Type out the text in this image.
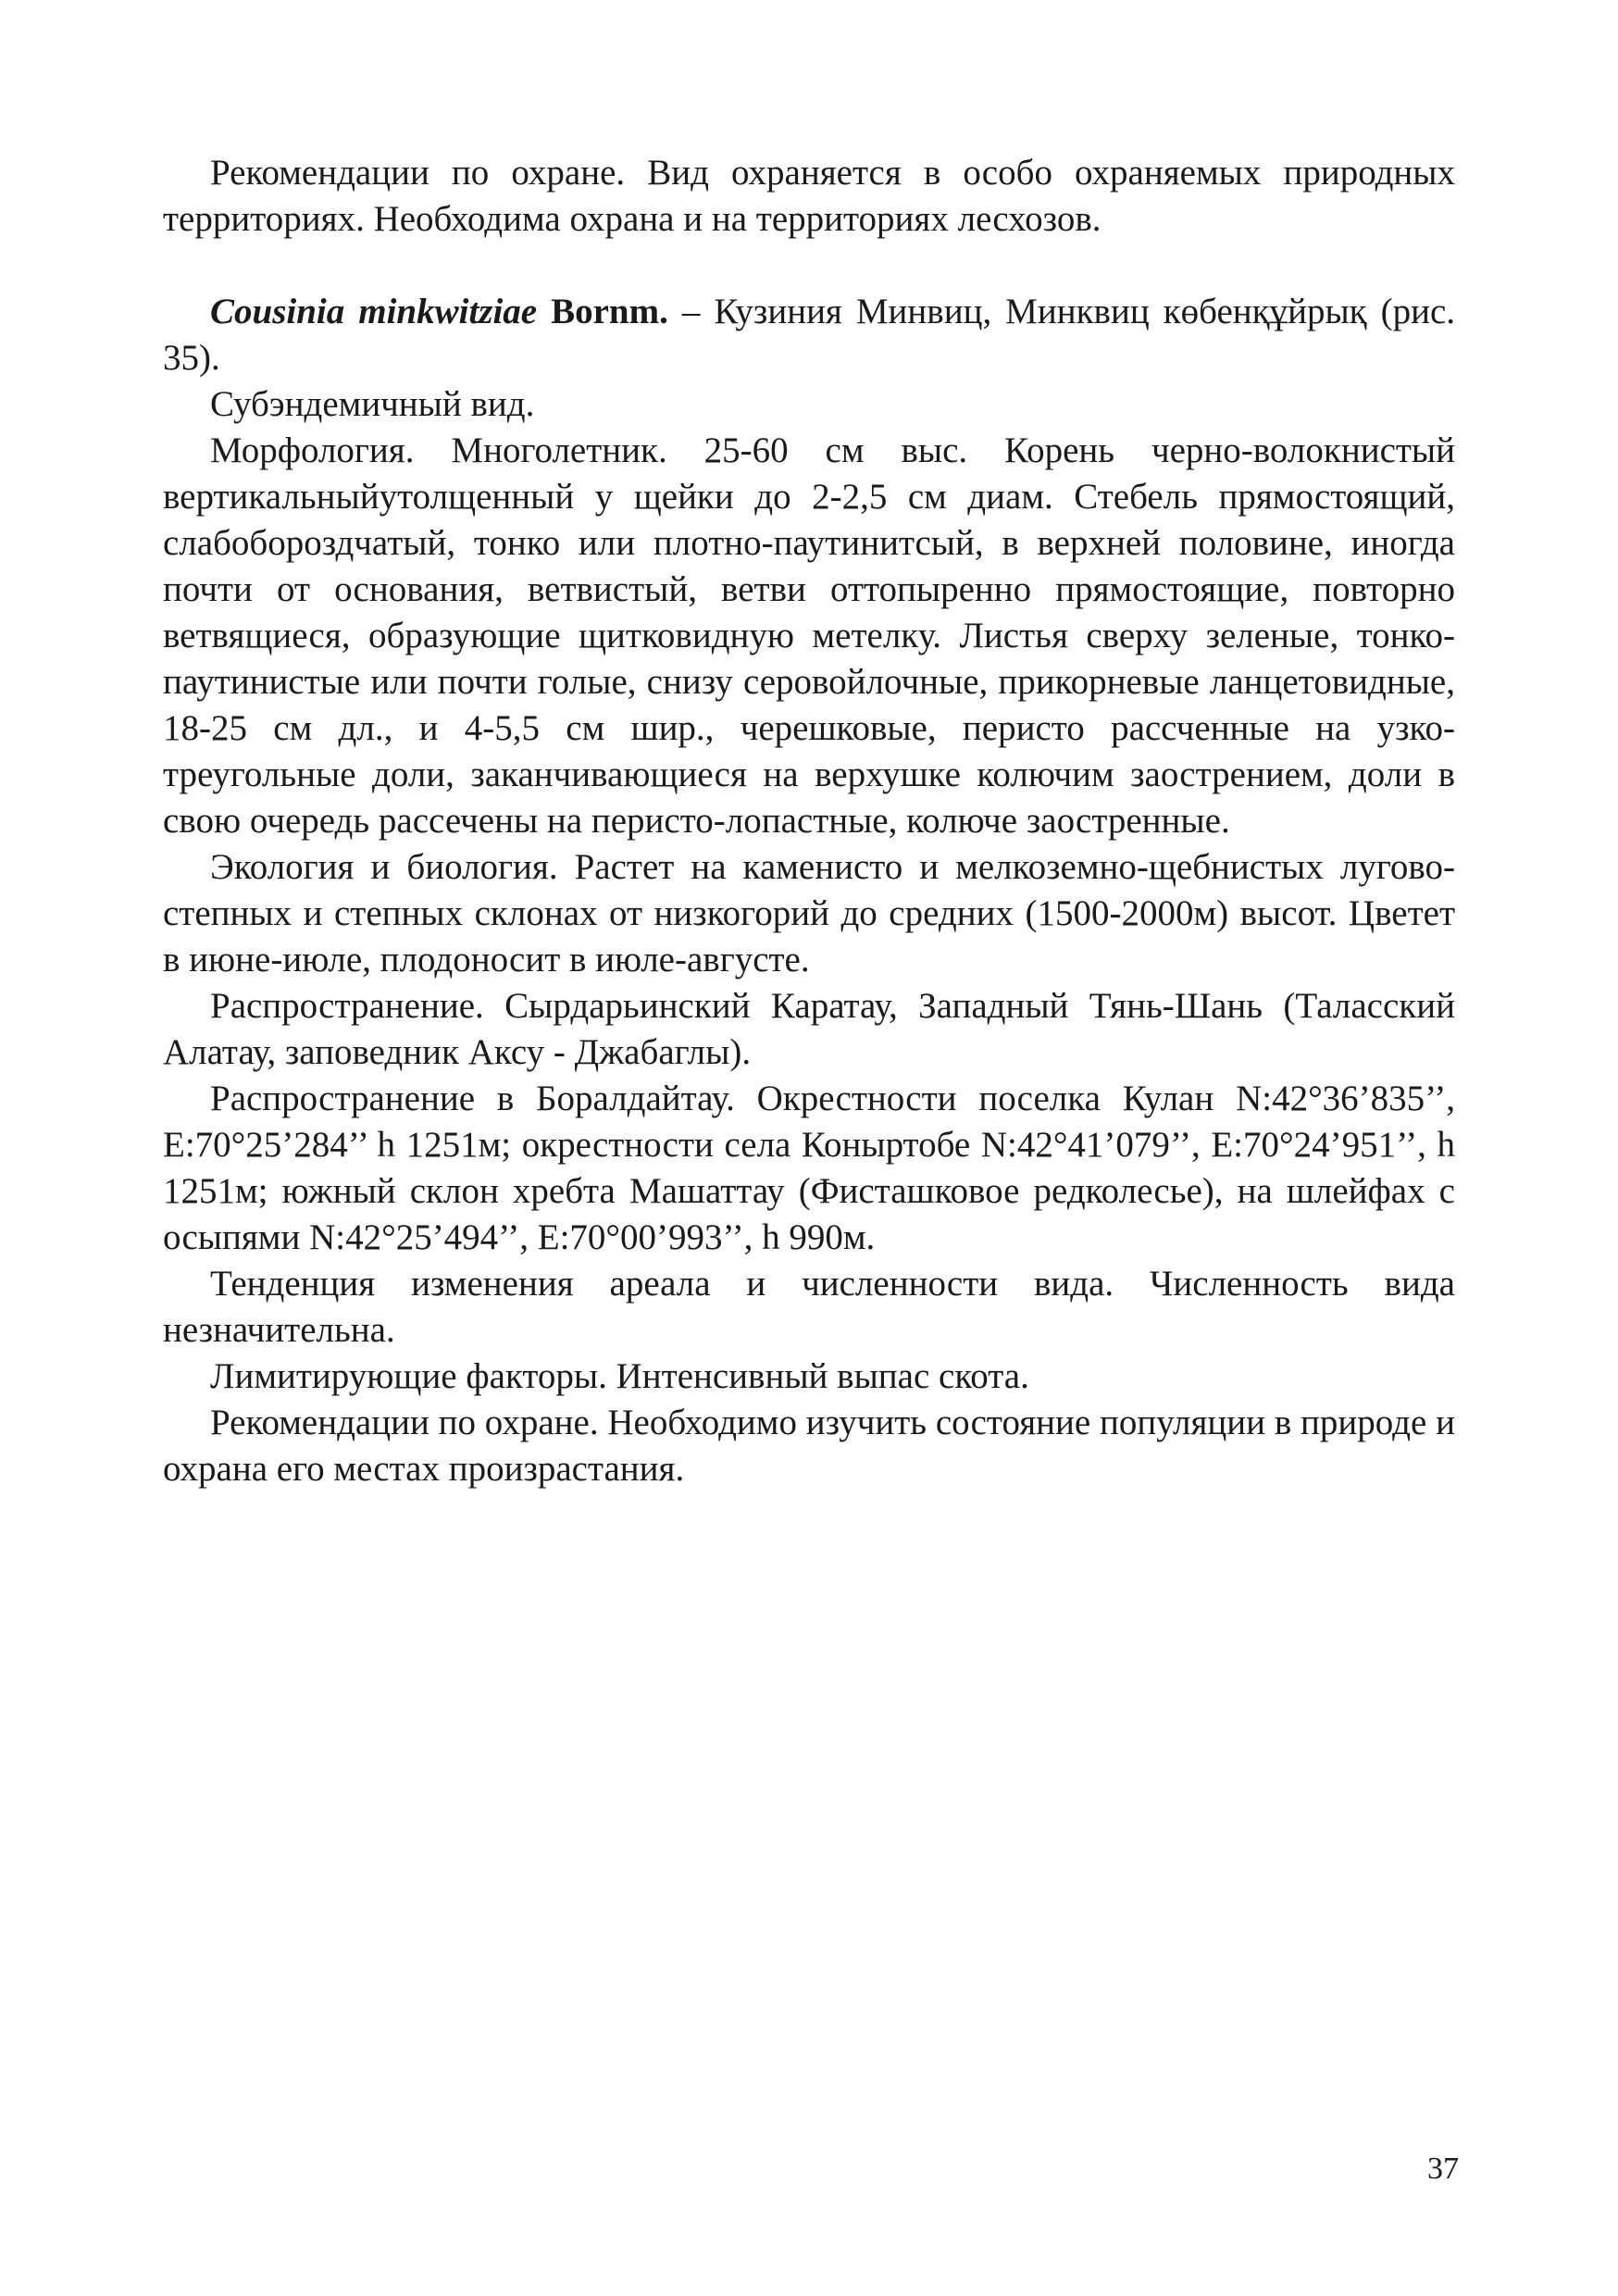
Рекомендации по охране. Вид охраняется в особо охраняемых природных территориях. Необходима охрана и на территориях лесхозов.

Cousinia minkwitziae Bornm. – Кузиния Минвиц, Минквиц көбенқұйрық (рис. 35).

Субэндемичный вид.

Морфология. Многолетник. 25-60 см выс. Корень черно-волокнистый вертикальныйутолщенный у щейки до 2-2,5 см диам. Стебель прямостоящий, слабобороздчатый, тонко или плотно-паутинитсый, в верхней половине, иногда почти от основания, ветвистый, ветви оттопыренно прямостоящие, повторно ветвящиеся, образующие щитковидную метелку. Листья сверху зеленые, тонко-паутинистые или почти голые, снизу серовойлочные, прикорневые ланцетовидные, 18-25 см дл., и 4-5,5 см шир., черешковые, перисто рассченные на узко-треугольные доли, заканчивающиеся на верхушке колючим заострением, доли в свою очередь рассечены на перисто-лопастные, колюче заостренные.

Экология и биология. Растет на каменисто и мелкоземно-щебнистых лугово-степных и степных склонах от низкогорий до средних (1500-2000м) высот. Цветет в июне-июле, плодоносит в июле-августе.

Распространение. Сырдарьинский Каратау, Западный Тянь-Шань (Таласский Алатау, заповедник Аксу - Джабаглы).

Распространение в Боралдайтау. Окрестности поселка Кулан N:42°36’835’’, E:70°25’284’’ h 1251м; окрестности села Коныртобе N:42°41’079’’, E:70°24’951’’, h 1251м; южный склон хребта Машаттау (Фисташковое редколесье), на шлейфах с осыпями N:42°25’494’’, E:70°00’993’’, h 990м.

Тенденция изменения ареала и численности вида. Численность вида незначительна.

Лимитирующие факторы. Интенсивный выпас скота.

Рекомендации по охране. Необходимо изучить состояние популяции в природе и охрана его местах произрастания.

37
